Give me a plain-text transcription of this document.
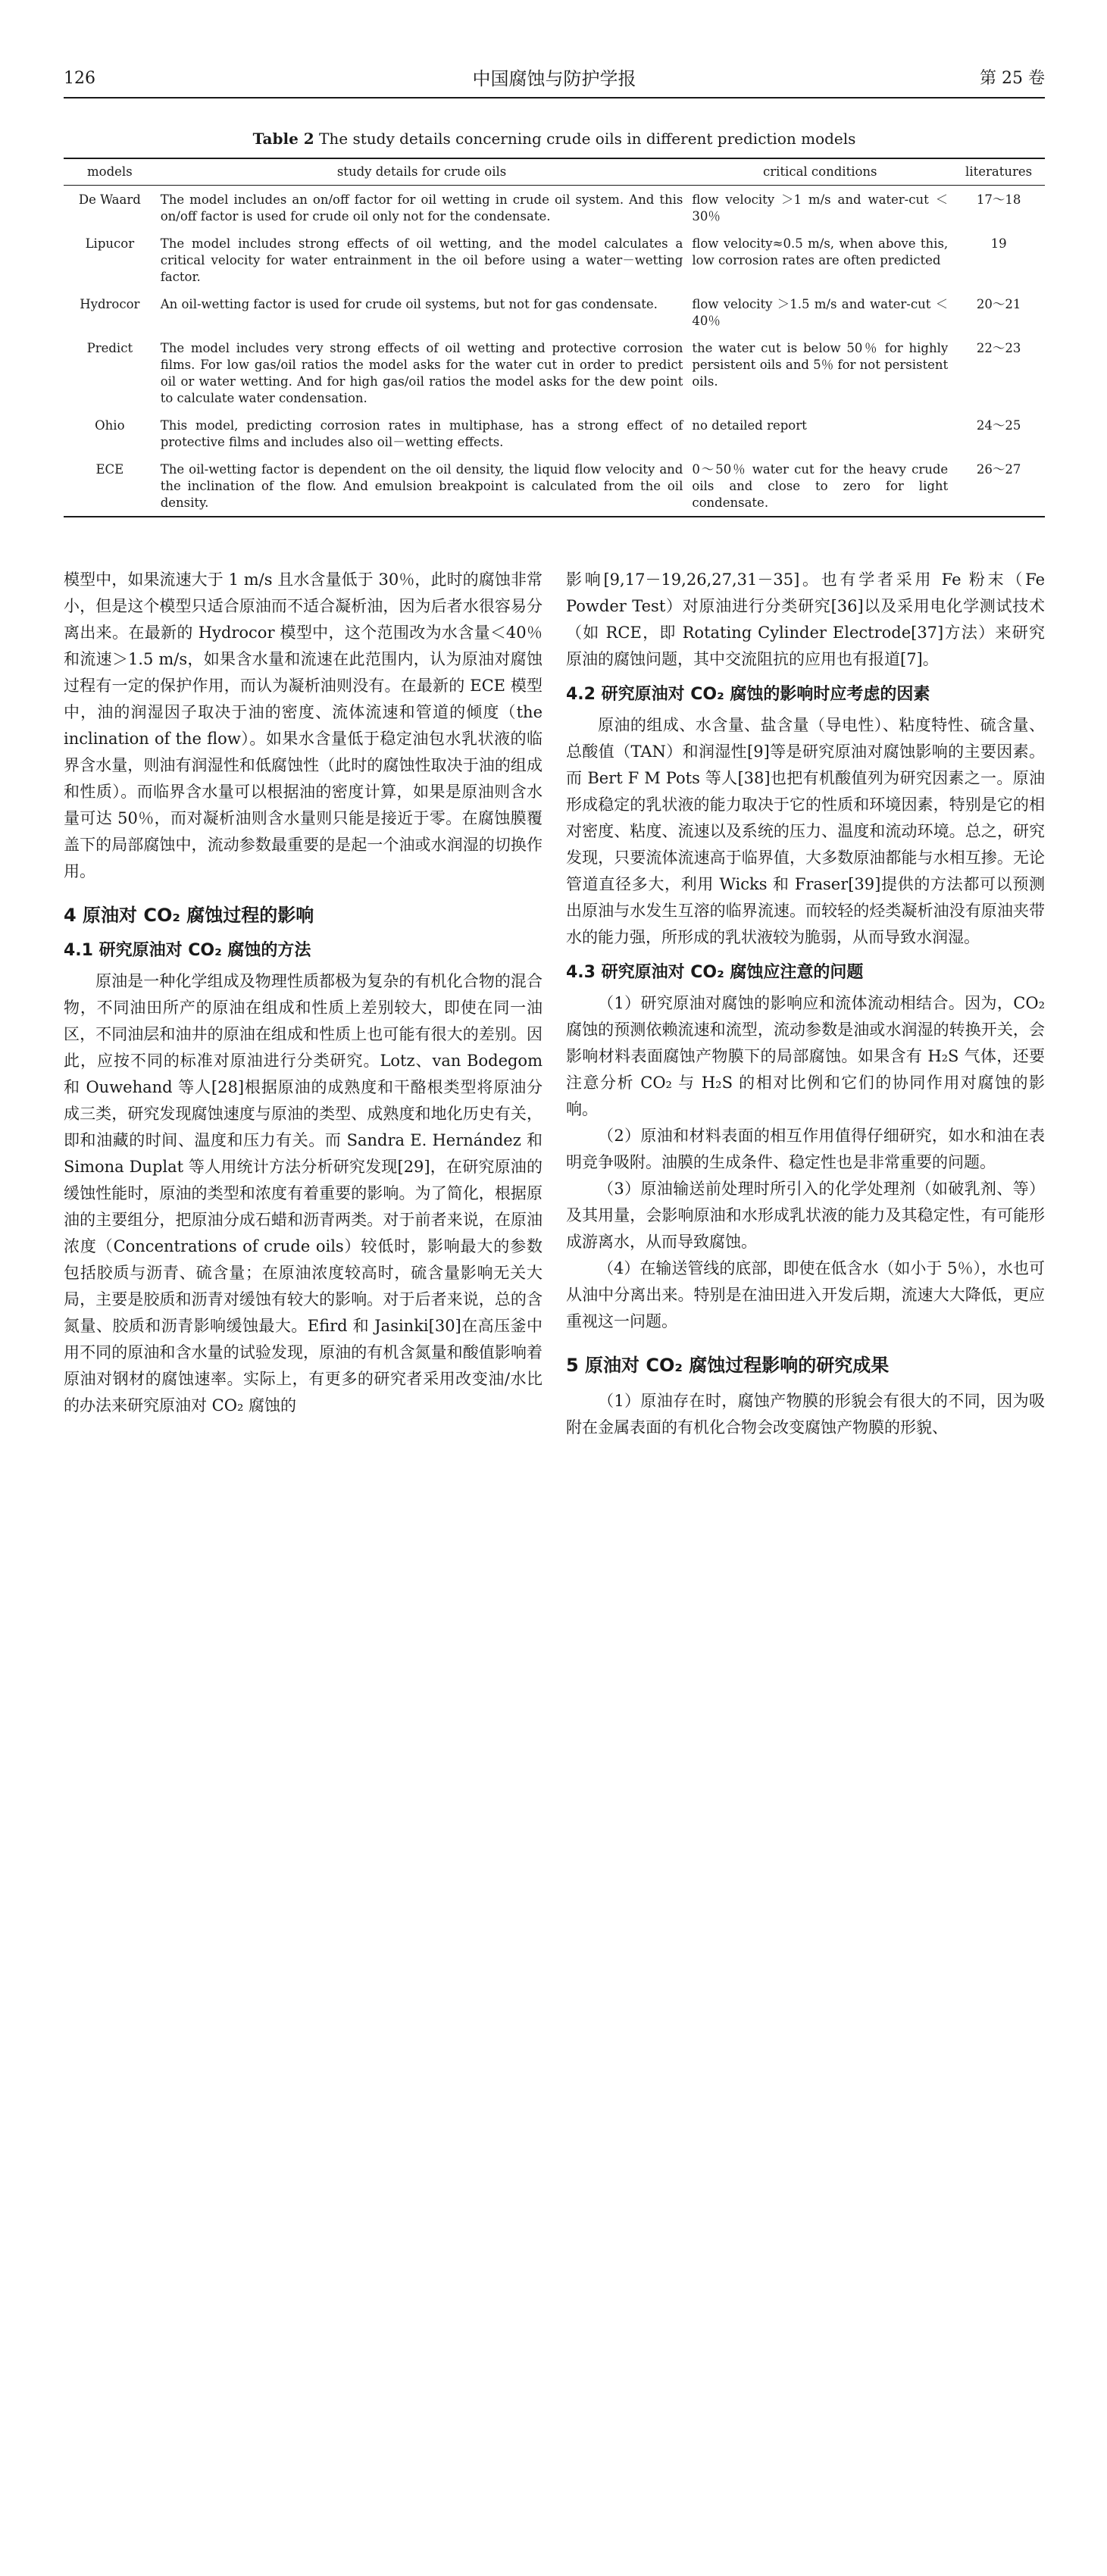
126	中国腐蚀与防护学报	第 25 卷
Table 2 The study details concerning crude oils in different prediction models
models	study details for crude oils	critical conditions	literatures
De Waard	The model includes an on/off factor for oil wetting in crude oil system. And this on/off factor is used for crude oil only not for the condensate.	flow velocity ＞1 m/s and water-cut ＜30％	17～18
Lipucor	The model includes strong effects of oil wetting, and the model calculates a critical velocity for water entrainment in the oil before using a water－wetting factor.	flow velocity≈0.5 m/s, when above this, low corrosion rates are often predicted	19
Hydrocor	An oil-wetting factor is used for crude oil systems, but not for gas condensate.	flow velocity ＞1.5 m/s and water-cut ＜40％	20～21
Predict	The model includes very strong effects of oil wetting and protective corrosion films. For low gas/oil ratios the model asks for the water cut in order to predict oil or water wetting. And for high gas/oil ratios the model asks for the dew point to calculate water condensation.	the water cut is below 50％ for highly persistent oils and 5％ for not persistent oils.	22～23
Ohio	This model, predicting corrosion rates in multiphase, has a strong effect of protective films and includes also oil－wetting effects.	no detailed report	24～25
ECE	The oil-wetting factor is dependent on the oil density, the liquid flow velocity and the inclination of the flow. And emulsion breakpoint is calculated from the oil density.	0～50％ water cut for the heavy crude oils and close to zero for light condensate.	26～27

模型中，如果流速大于 1 m/s 且水含量低于 30％，此时的腐蚀非常小，但是这个模型只适合原油而不适合凝析油，因为后者水很容易分离出来。在最新的 Hydrocor 模型中，这个范围改为水含量＜40％和流速＞1.5 m/s，如果含水量和流速在此范围内，认为原油对腐蚀过程有一定的保护作用，而认为凝析油则没有。在最新的 ECE 模型中，油的润湿因子取决于油的密度、流体流速和管道的倾度（the inclination of the flow）。如果水含量低于稳定油包水乳状液的临界含水量，则油有润湿性和低腐蚀性（此时的腐蚀性取决于油的组成和性质）。而临界含水量可以根据油的密度计算，如果是原油则含水量可达 50％，而对凝析油则含水量则只能是接近于零。在腐蚀膜覆盖下的局部腐蚀中，流动参数最重要的是起一个油或水润湿的切换作用。

4 原油对 CO₂ 腐蚀过程的影响
4.1 研究原油对 CO₂ 腐蚀的方法

原油是一种化学组成及物理性质都极为复杂的有机化合物的混合物，不同油田所产的原油在组成和性质上差别较大，即使在同一油区，不同油层和油井的原油在组成和性质上也可能有很大的差别。因此，应按不同的标准对原油进行分类研究。Lotz、van Bodegom 和 Ouwehand 等人[28]根据原油的成熟度和干酪根类型将原油分成三类，研究发现腐蚀速度与原油的类型、成熟度和地化历史有关，即和油藏的时间、温度和压力有关。而 Sandra E. Hernández 和 Simona Duplat 等人用统计方法分析研究发现[29]，在研究原油的缓蚀性能时，原油的类型和浓度有着重要的影响。为了简化，根据原油的主要组分，把原油分成石蜡和沥青两类。对于前者来说，在原油浓度（Concentrations of crude oils）较低时，影响最大的参数包括胶质与沥青、硫含量；在原油浓度较高时，硫含量影响无关大局，主要是胶质和沥青对缓蚀有较大的影响。对于后者来说，总的含氮量、胶质和沥青影响缓蚀最大。Efird 和 Jasinki[30]在高压釜中用不同的原油和含水量的试验发现，原油的有机含氮量和酸值影响着原油对钢材的腐蚀速率。实际上，有更多的研究者采用改变油/水比的办法来研究原油对 CO₂ 腐蚀的

影响[9,17－19,26,27,31－35]。也有学者采用 Fe 粉末（Fe Powder Test）对原油进行分类研究[36]以及采用电化学测试技术（如 RCE，即 Rotating Cylinder Electrode[37]方法）来研究原油的腐蚀问题，其中交流阻抗的应用也有报道[7]。

4.2 研究原油对 CO₂ 腐蚀的影响时应考虑的因素

原油的组成、水含量、盐含量（导电性）、粘度特性、硫含量、总酸值（TAN）和润湿性[9]等是研究原油对腐蚀影响的主要因素。而 Bert F M Pots 等人[38]也把有机酸值列为研究因素之一。原油形成稳定的乳状液的能力取决于它的性质和环境因素，特别是它的相对密度、粘度、流速以及系统的压力、温度和流动环境。总之，研究发现，只要流体流速高于临界值，大多数原油都能与水相互掺。无论管道直径多大，利用 Wicks 和 Fraser[39]提供的方法都可以预测出原油与水发生互溶的临界流速。而较轻的烃类凝析油没有原油夹带水的能力强，所形成的乳状液较为脆弱，从而导致水润湿。

4.3 研究原油对 CO₂ 腐蚀应注意的问题

（1）研究原油对腐蚀的影响应和流体流动相结合。因为，CO₂ 腐蚀的预测依赖流速和流型，流动参数是油或水润湿的转换开关，会影响材料表面腐蚀产物膜下的局部腐蚀。如果含有 H₂S 气体，还要注意分析 CO₂ 与 H₂S 的相对比例和它们的协同作用对腐蚀的影响。

（2）原油和材料表面的相互作用值得仔细研究，如水和油在表明竞争吸附。油膜的生成条件、稳定性也是非常重要的问题。

（3）原油输送前处理时所引入的化学处理剂（如破乳剂、等）及其用量，会影响原油和水形成乳状液的能力及其稳定性，有可能形成游离水，从而导致腐蚀。

（4）在输送管线的底部，即使在低含水（如小于 5％），水也可从油中分离出来。特别是在油田进入开发后期，流速大大降低，更应重视这一问题。

5 原油对 CO₂ 腐蚀过程影响的研究成果

（1）原油存在时，腐蚀产物膜的形貌会有很大的不同，因为吸附在金属表面的有机化合物会改变腐蚀产物膜的形貌、
